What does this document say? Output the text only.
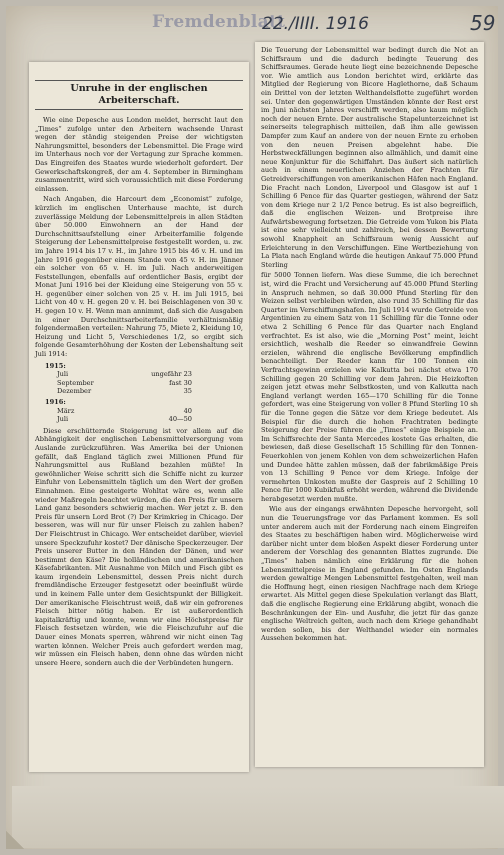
Fremdenblatt
22./IIII. 1916	59
Unruhe in der englischen Arbeiterschaft.

Wie eine Depesche aus London meldet, herrscht laut den „Times“ zufolge unter den Arbeitern wachsende Unrast wegen der ständig steigenden Preise der wichtigsten Nahrungsmittel, besonders der Lebensmittel. Die Frage wird im Unterhaus noch vor der Vertagung zur Sprache kommen. Das Eingreifen des Staates wurde wiederholt gefordert. Der Gewerkschaftskongreß, der am 4. September in Birmingham zusammentritt, wird sich voraussichtlich mit diese Forderung einlassen.

Nach Angaben, die Harcourt dem „Economist“ zufolge, kürzlich im englischen Unterhause machte, ist durch zuverlässige Meldung der Lebensmittelpreis in allen Städten über 50.000 Einwohnern an der Hand der Durchschnittsaufstellung einer Arbeiterfamilie folgende Steigerung der Lebensmittelpreise festgestellt worden, u. zw. im Jahre 1914 bis 17 v. H., im Jahre 1915 bis 46 v. H. und im Jahre 1916 gegenüber einem Stande von 45 v. H. im Jänner ein solcher von 65 v. H. im Juli. Nach anderweitigen Feststellungen, ebenfalls auf ordentlicher Basis, ergibt der Monat Juni 1916 bei der Kleidung eine Steigerung von 55 v. H. gegenüber einer solchen von 25 v. H. im Juli 1915, bei Licht von 40 v. H. gegen 20 v. H. bei Beischlagenen von 30 v. H. gegen 10 v. H. Wenn man annimmt, daß sich die Ausgaben in einer Durchschnittsarbeiterfamilie verhältnismäßig folgendermaßen verteilen: Nahrung 75, Miete 2, Kleidung 10, Heizung und Licht 5, Verschiedenes 1/2, so ergibt sich folgende Gesamterhöhung der Kosten der Lebenshaltung seit Juli 1914:

1915:
Juli	ungefähr 23
September	fast 30
Dezember	35
1916:
März	40
Juli	40—50

Diese erschütternde Steigerung ist vor allem auf die Abhängigkeit der englischen Lebensmittelversorgung vom Auslande zurückzuführen. Was Amerika bei der Unionen gefällt, daß England täglich zwei Millionen Pfund für Nahrungsmittel aus Rußland bezahlen müßte! In gewöhnlicher Weise schritt sich die Schiffe nicht zu kurzer Einfuhr von Lebensmitteln täglich um den Wert der großen Einnahmen. Eine gesteigerte Wohltat wäre es, wenn alle wieder Maßregeln beachtet würden, die den Preis für unsern Land ganz besonders schwierig machen. Wer jetzt z. B. den Preis für unsern Lord Brot (?) Der Krimkrieg in Chicago. Der besseren, was will nur für unser Fleisch zu zahlen haben? Der Fleischtrust in Chicago. Wer entscheidet darüber, wieviel unsere Speckzufuhr kostet? Der dänische Speckerzeuger. Der Preis unserer Butter in den Händen der Dänen, und wer bestimmt den Käse? Die holländischen und amerikanischen Käsefabrikanten. Mit Ausnahme von Milch und Fisch gibt es kaum irgendein Lebensmittel, dessen Preis nicht durch fremdländische Erzeuger festgesetzt oder beeinflußt würde und in keinem Falle unter dem Gesichtspunkt der Billigkeit. Der amerikanische Fleischtrust weiß, daß wir ein gefrorenes Fleisch bitter nötig haben. Er ist außerordentlich kapitalkräftig und konnte, wenn wir eine Höchstpreise für Fleisch festsetzen würden, wie die Fleischzufuhr auf die Dauer eines Monats sperren, während wir nicht einen Tag warten können. Welcher Preis auch gefordert werden mag, wir müssen ein Fleisch haben, denn ohne das würden nicht unsere Heere, sondern auch die der Verbündeten hungern.

Die Teuerung der Lebensmittel war bedingt durch die Not an Schiffsraum und die dadurch bedingte Teuerung des Schiffsraumes. Gerade heute liegt eine bezeichnende Depesche vor. Wie amtlich aus London berichtet wird, erklärte das Mitglied der Regierung von Bicore Haglethorne, daß Schaum ein Drittel von der letzten Welthandelsflotte zugeführt worden sei. Unter den gegenwärtigen Umständen könnte der Rest erst im Juni nächsten Jahres verschifft werden, also kaum möglich noch der neuen Ernte. Der australische Stapelunterzeichnet ist seinerseits telegraphisch mitteilen, daß ihm alle gewissen Dampfer zum Kauf an andere von der neuen Ernte zu erhoben von den neuen Preisen abgelehnt habe. Die Herbstweckfällungen beginnen also allmählich, und damit eine neue Konjunktur für die Schiffahrt. Das äußert sich natürlich auch in einem neuerlichen Anziehen der Frachten für Getreidverschiffungen von amerikanischen Häfen nach England. Die Fracht nach London, Liverpool und Glasgow ist auf 1 Schilling 6 Pence für das Quarter gestiegen, während der Satz von dem Kriege nur 2 1/2 Pence betrug. Es ist also begreiflich, daß die englischen Weizen- und Brotpreise ihre Aufwärtsbewegung fortsetzen. Die Getreide vom Yukon bis Plata ist eine sehr vielleicht und zahlreich, bei dessen Bewertung sowohl Knappheit an Schiffsraum wenig Aussicht auf Erleichterung in den Verschiffungen. Eine Wertbeziehung von La Plata nach England würde die heutigen Ankauf 75.000 Pfund Sterling

für 5000 Tonnen liefern. Was diese Summe, die ich berechnet ist, wird die Fracht und Versicherung auf 45.000 Pfund Sterling in Anspruch nehmen, so daß 30.000 Pfund Sterling für den Weizen selbst verbleiben würden, also rund 35 Schilling für das Quarter im Verschiffungshafen. Im Juli 1914 wurde Getreide von Argentinien zu einem Satz von 11 Schilling für die Tonne oder etwa 2 Schilling 6 Pence für das Quarter nach England verfrachtet. Es ist also, wie die „Morning Post“ meint, leicht ersichtlich, weshalb die Reeder so einwandfreie Gewinn erzielen, während die englische Bevölkerung empfindlich benachteiligt. Der Reeder kann für 100 Tonnen ein Verfrachtsgewinn erzielen wie Kalkutta bei nächst etwa 170 Schilling gegen 20 Schilling vor dem Jahren. Die Heizkoften zeigen jetzt etwas mehr Selbstkosten, und von Kalkutta nach England verlangt werden 165—170 Schilling für die Tonne gefordert, was eine Steigerung von voller 8 Pfund Sterling 10 sh für die Tonne gegen die Sätze vor dem Kriege bedeutet. Als Beispiel für die durch die hohen Frachtraten bedingte Steigerung der Preise führen die „Times“ einige Beispiele an. Im Schiffsrechte der Santa Mercedes kostete Gas erhalten, die bewiesen, daß diese Gesellschaft 15 Schilling für den Tonnen-Feuerkohlen von jenem Kohlen von dem schweizerlichen Hafen und Dundee hätte zahlen müssen, daß der fabrikmäßige Preis von 13 Schilling 9 Pence vor dem Kriege. Infolge der vermehrten Unkosten mußte der Gaspreis auf 2 Schilling 10 Pence für 1000 Kubikfuß erhöht werden, während die Dividende herabgesetzt werden mußte.

Wie aus der eingangs erwähnten Depesche hervorgeht, soll nun die Teuerungsfrage vor das Parlament kommen. Es soll unter anderem auch mit der Forderung nach einem Eingreifen des Staates zu beschäftigen haben wird. Möglicherweise wird darüber nicht unter dem bloßen Aspekt dieser Forderung unter anderem der Vorschlag des genannten Blattes zugrunde. Die „Times“ haben nämlich eine Erklärung für die hohen Lebensmittelpreise in England gefunden. Im Osten Englands werden gewaltige Mengen Lebensmittel festgehalten, weil man die Hoffnung hegt, einen riesigen Nachfrage nach dem Kriege erwartet. Als Mittel gegen diese Spekulation verlangt das Blatt, daß die englische Regierung eine Erklärung abgibt, wonach die Beschränkungen der Ein- und Ausfuhr, die jetzt für das ganze englische Weltreich gelten, auch nach dem Kriege gehandhabt werden sollen, bis der Welthandel wieder ein normales Aussehen bekommen hat.
